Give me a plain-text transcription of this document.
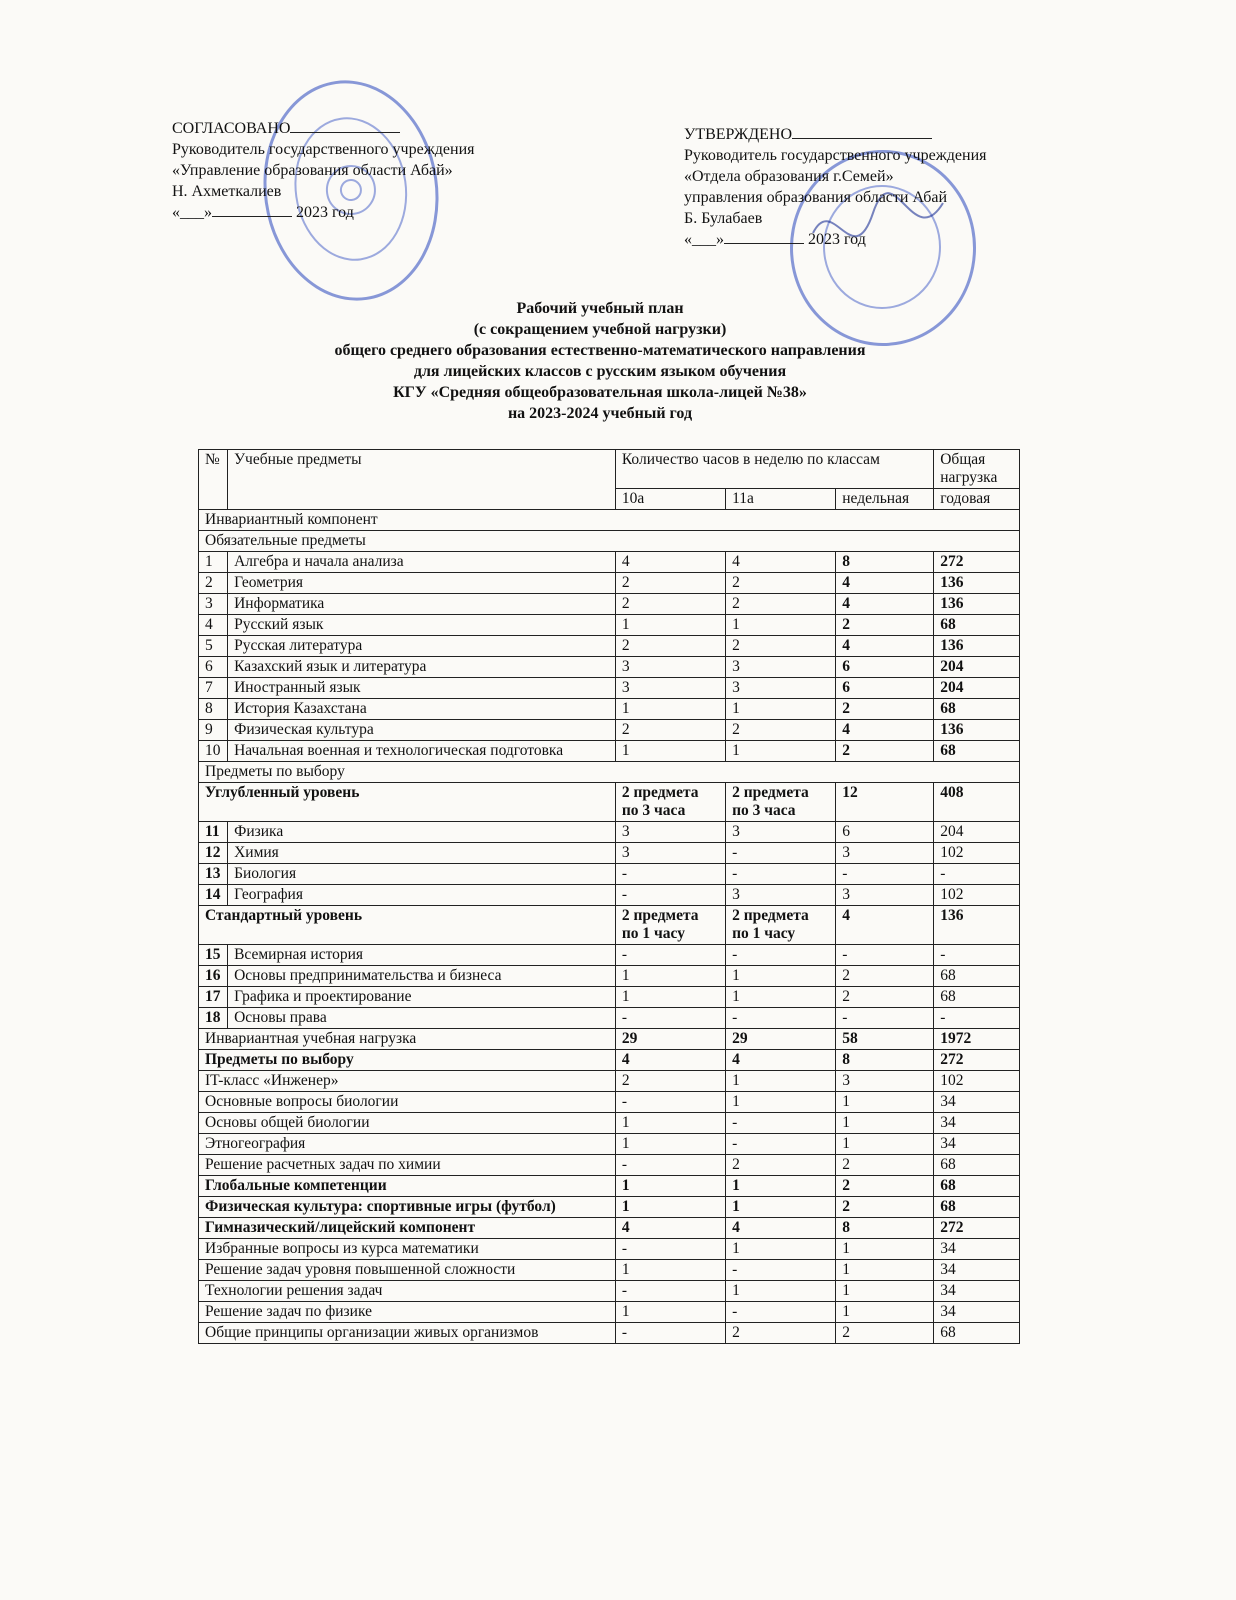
СОГЛАСОВАНО
Руководитель государственного учреждения
«Управление образования области Абай»
Н. Ахметкалиев
«___»	2023 год
УТВЕРЖДЕНО
Руководитель государственного учреждения
«Отдела образования г.Семей»
управления образования области Абай
Б. Булабаев
«___»	2023 год
Рабочий учебный план
(с сокращением учебной нагрузки)
общего среднего образования естественно-математического направления
для лицейских классов с русским языком обучения
КГУ «Средняя общеобразовательная школа-лицей №38»
на 2023-2024 учебный год
№	Учебные предметы	Количество часов в неделю по классам			Общая нагрузка
		10а	11а	недельная	годовая
Инвариантный компонент					
Обязательные предметы					
1	Алгебра и начала анализа	4	4	8	272
2	Геометрия	2	2	4	136
3	Информатика	2	2	4	136
4	Русский язык	1	1	2	68
5	Русская литература	2	2	4	136
6	Казахский язык и литература	3	3	6	204
7	Иностранный язык	3	3	6	204
8	История Казахстана	1	1	2	68
9	Физическая культура	2	2	4	136
10	Начальная военная и технологическая подготовка	1	1	2	68
Предметы по выбору					
Углубленный уровень		2 предмета по 3 часа	2 предмета по 3 часа	12	408
11	Физика	3	3	6	204
12	Химия	3	-	3	102
13	Биология	-	-	-	-
14	География	-	3	3	102
Стандартный уровень		2 предмета по 1 часу	2 предмета по 1 часу	4	136
15	Всемирная история	-	-	-	-
16	Основы предпринимательства и бизнеса	1	1	2	68
17	Графика и проектирование	1	1	2	68
18	Основы права	-	-	-	-
Инвариантная учебная нагрузка		29	29	58	1972
Предметы по выбору		4	4	8	272
IT-класс «Инженер»		2	1	3	102
Основные вопросы биологии		-	1	1	34
Основы общей биологии		1	-	1	34
Этногеография		1	-	1	34
Решение расчетных задач по химии		-	2	2	68
Глобальные компетенции		1	1	2	68
Физическая культура: спортивные игры (футбол)		1	1	2	68
Гимназический/лицейский компонент		4	4	8	272
Избранные вопросы из курса математики		-	1	1	34
Решение задач уровня повышенной сложности		1	-	1	34
Технологии решения задач		-	1	1	34
Решение задач по физике		1	-	1	34
Общие принципы организации живых организмов		-	2	2	68
